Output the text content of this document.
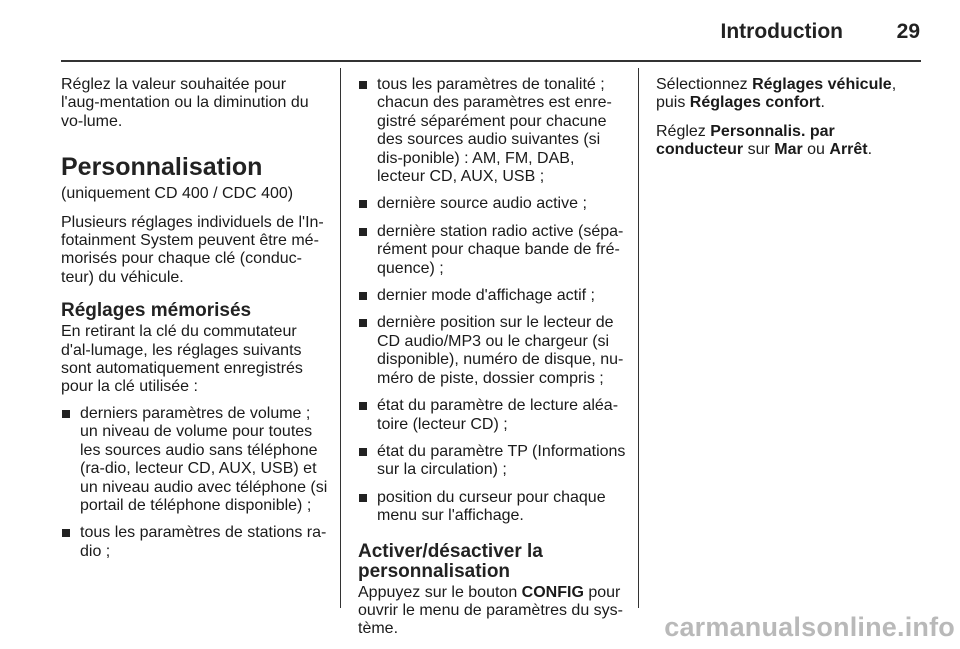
Introduction	29

Réglez la valeur souhaitée pour l'aug-mentation ou la diminution du vo-lume.

Personnalisation

(uniquement CD 400 / CDC 400)

Plusieurs réglages individuels de l'In-fotainment System peuvent être mé-morisés pour chaque clé (conduc-teur) du véhicule.

Réglages mémorisés

En retirant la clé du commutateur d'al-lumage, les réglages suivants sont automatiquement enregistrés pour la clé utilisée :

derniers paramètres de volume ; un niveau de volume pour toutes les sources audio sans téléphone (ra-dio, lecteur CD, AUX, USB) et un niveau audio avec téléphone (si portail de téléphone disponible) ;
tous les paramètres de stations ra-dio ;
tous les paramètres de tonalité ; chacun des paramètres est enre-gistré séparément pour chacune des sources audio suivantes (si dis-ponible) : AM, FM, DAB, lecteur CD, AUX, USB ;
dernière source audio active ;
dernière station radio active (sépa-rément pour chaque bande de fré-quence) ;
dernier mode d'affichage actif ;
dernière position sur le lecteur de CD audio/MP3 ou le chargeur (si disponible), numéro de disque, nu-méro de piste, dossier compris ;
état du paramètre de lecture aléa-toire (lecteur CD) ;
état du paramètre TP (Informations sur la circulation) ;
position du curseur pour chaque menu sur l'affichage.
Activer/désactiver la personnalisation

Appuyez sur le bouton CONFIG pour ouvrir le menu de paramètres du sys-tème.

Sélectionnez Réglages véhicule, puis Réglages confort.

Réglez Personnalis. par conducteur sur Mar ou Arrêt.

carmanualsonline.info
